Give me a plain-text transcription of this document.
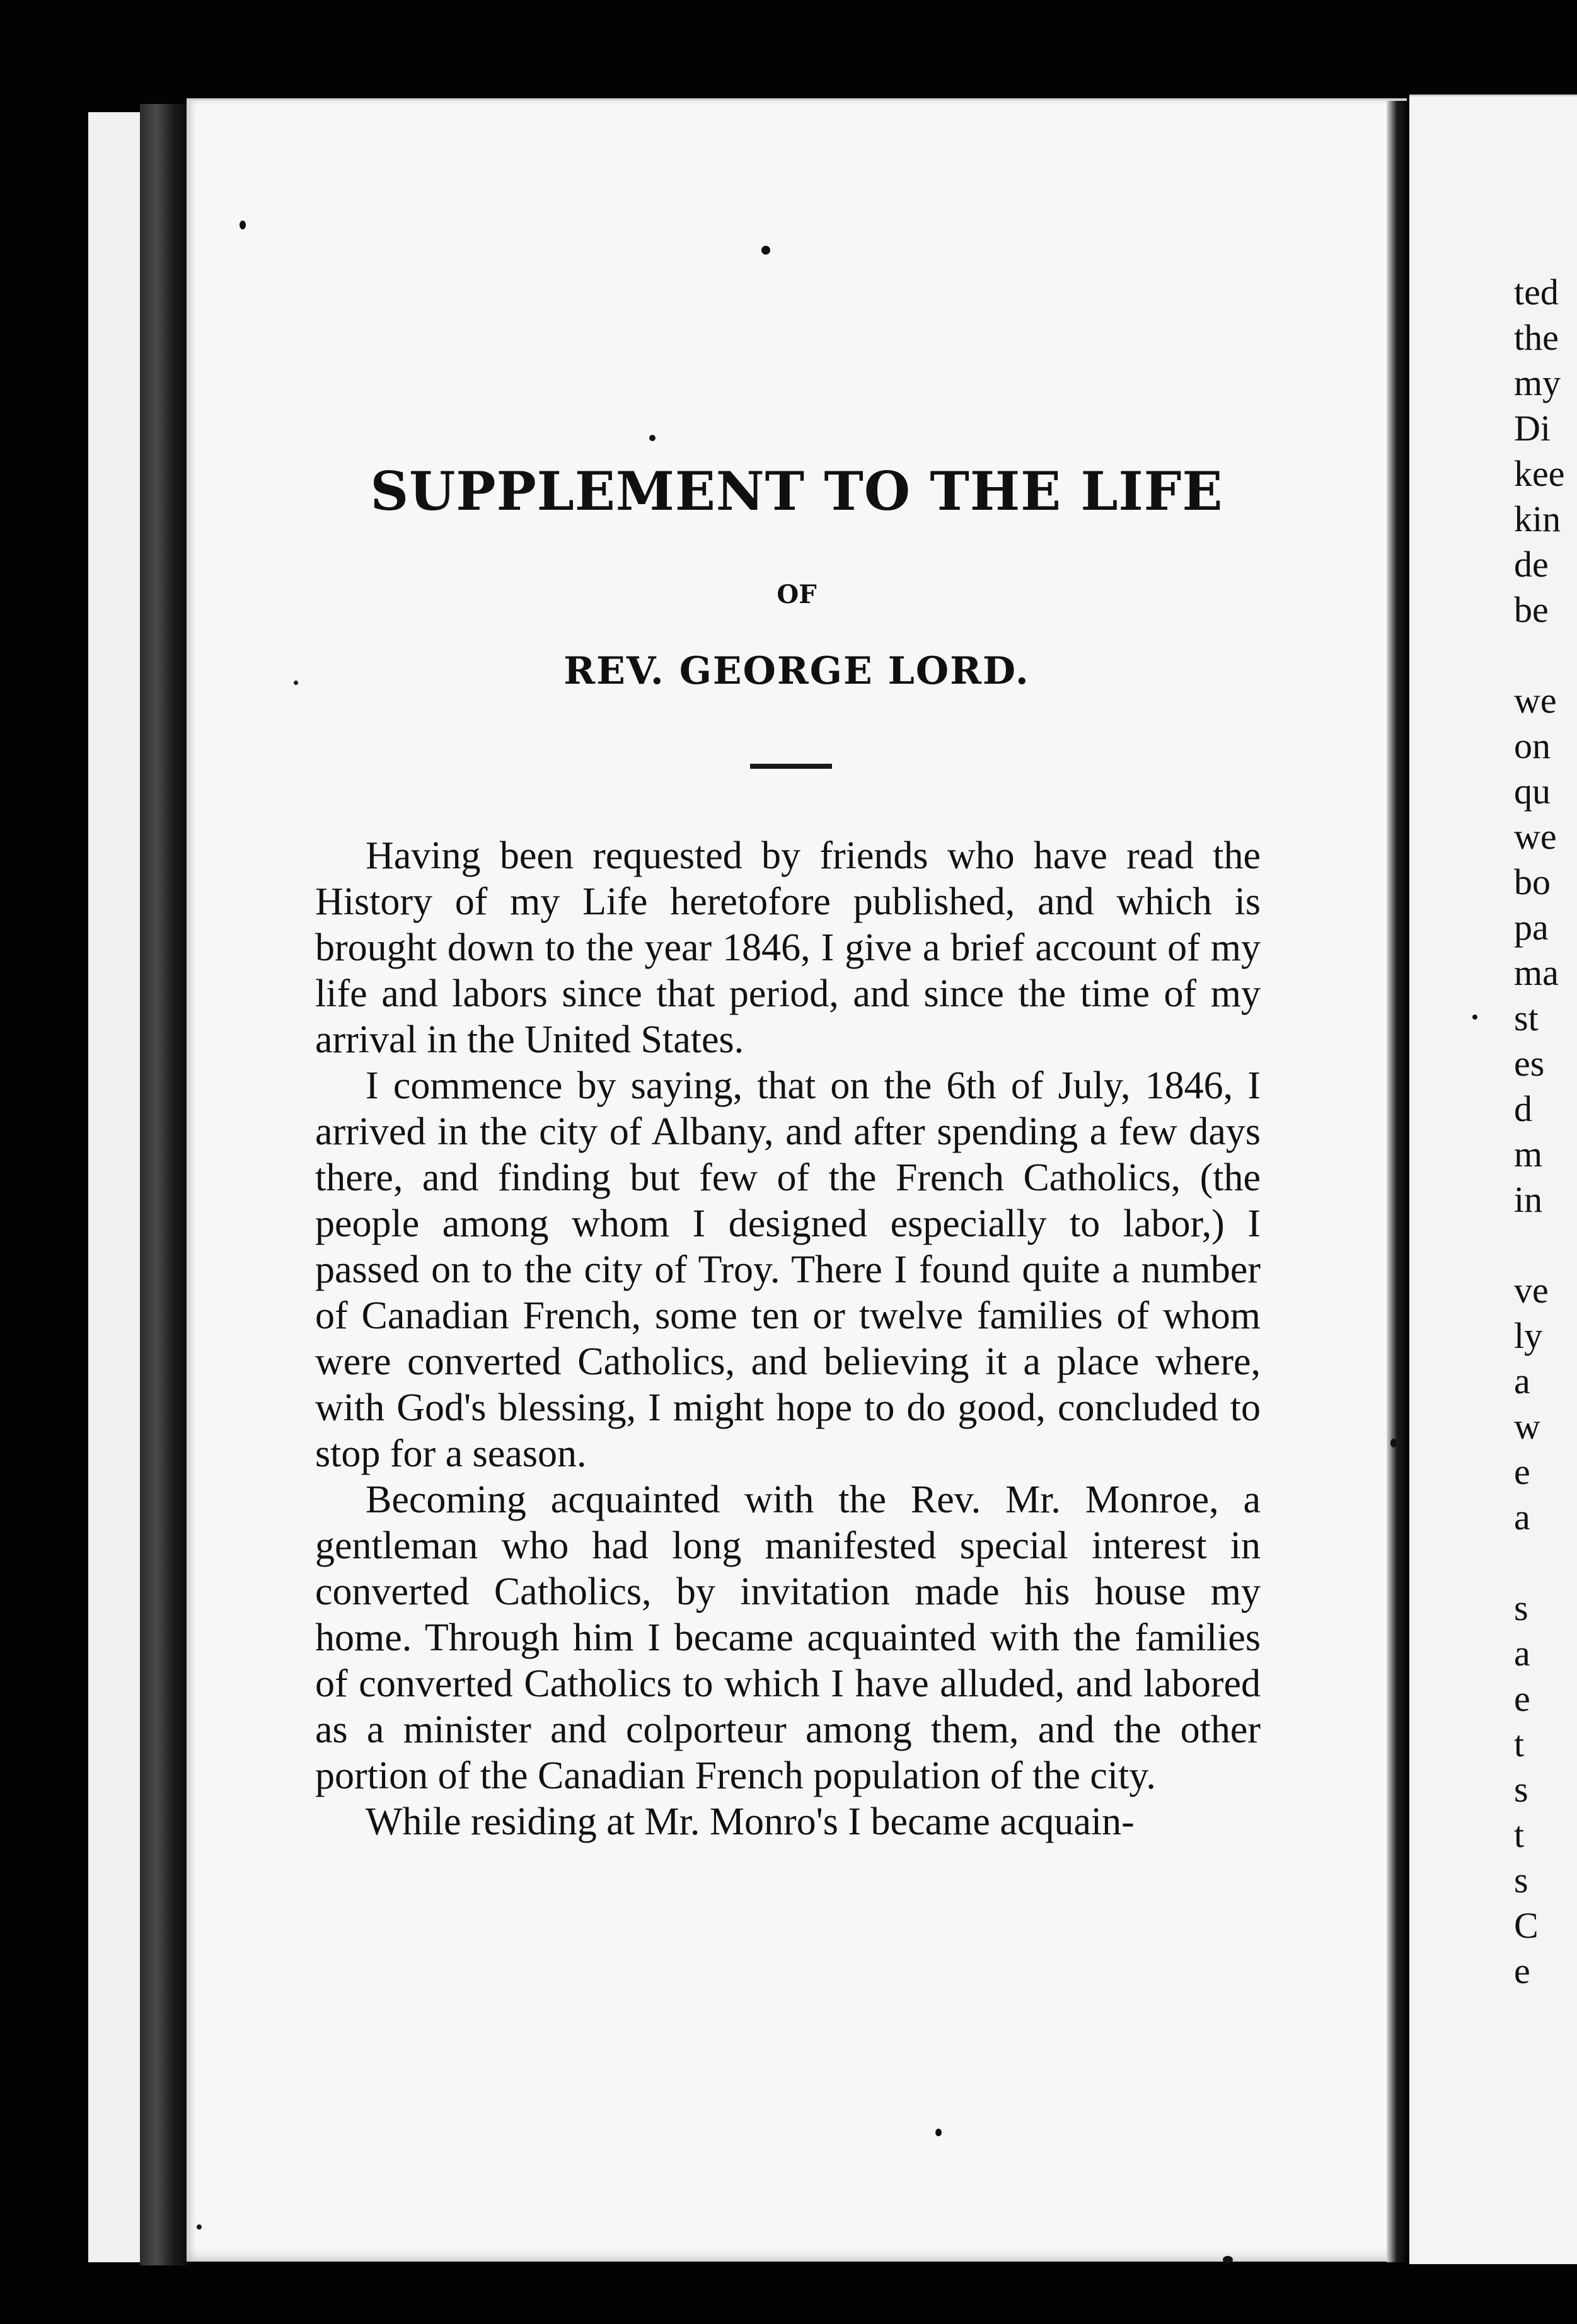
SUPPLEMENT TO THE LIFE
OF
REV. GEORGE LORD.

Having been requested by friends who have read the History of my Life heretofore published, and which is brought down to the year 1846, I give a brief account of my life and labors since that period, and since the time of my arrival in the United States.

I commence by saying, that on the 6th of July, 1846, I arrived in the city of Albany, and after spending a few days there, and finding but few of the French Catholics, (the people among whom I designed especially to labor,) I passed on to the city of Troy. There I found quite a number of Canadian French, some ten or twelve families of whom were converted Catholics, and believing it a place where, with God's blessing, I might hope to do good, concluded to stop for a season.

Becoming acquainted with the Rev. Mr. Monroe, a gentleman who had long manifested special interest in converted Catholics, by invitation made his house my home. Through him I became acquainted with the families of converted Catholics to which I have alluded, and labored as a minister and colporteur among them, and the other portion of the Canadian French population of the city.

While residing at Mr. Monro's I became acquain-

ted
the
my
Di
kee
kin
de
be
we
on
qu
we
bo
pa
ma
st
es
d
m
in
ve
ly
a
w
e
a
s
a
e
t
s
t
s
C
e
